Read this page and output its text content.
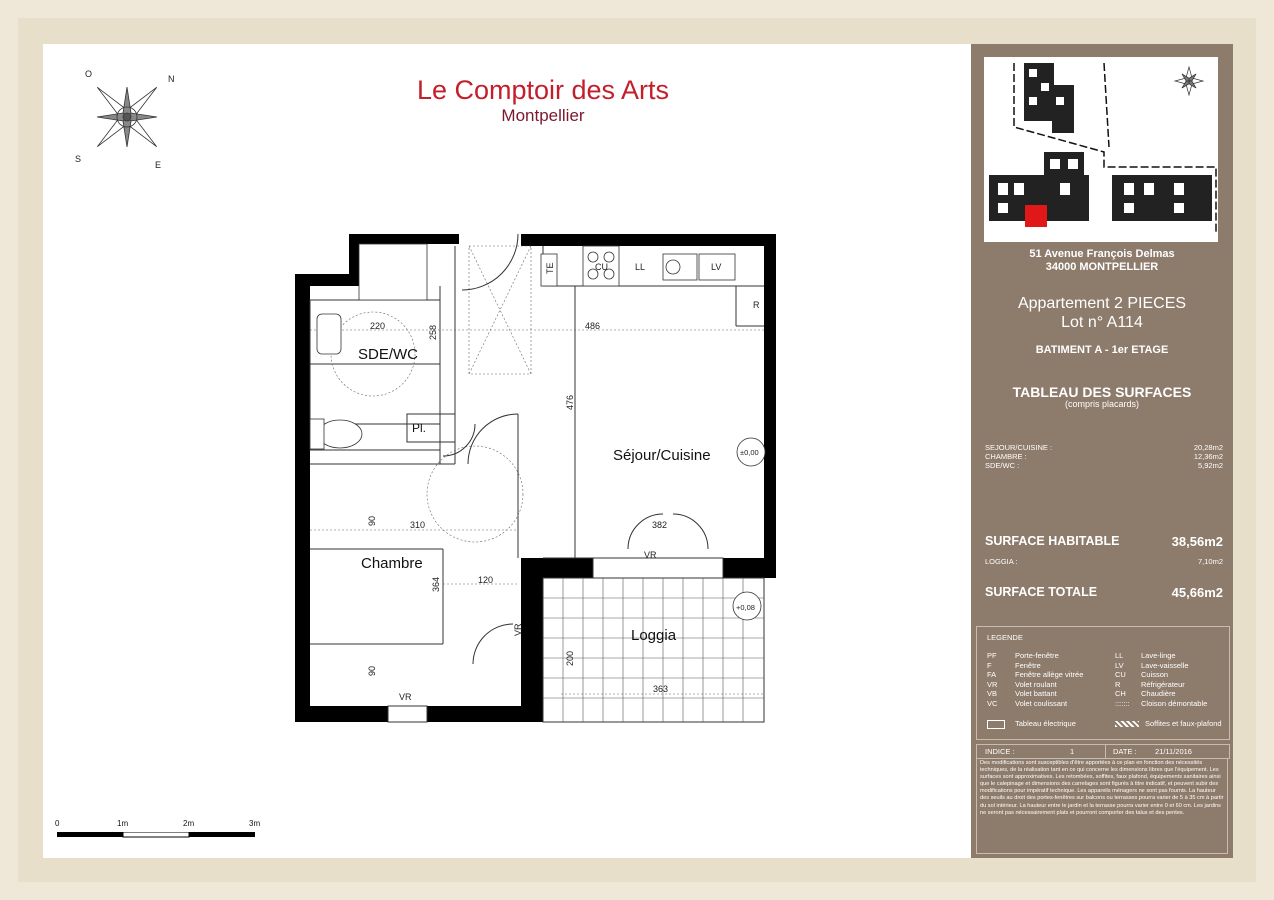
Le Comptoir des Arts
Montpellier
O	N
S
E
SDE/WC
Séjour/Cuisine
Chambre
Loggia
Pl.
220	258	486
476
310	382
364	120
363
200
90
90
TE	CU	LL	LV
R
VR
VR
VR
±0,00
+0,08
0	1m	2m	3m
51 Avenue François Delmas
34000 MONTPELLIER
Appartement 2 PIECES
Lot n° A114
BATIMENT A - 1er ETAGE
TABLEAU DES SURFACES
(compris placards)
SEJOUR/CUISINE :	20,28m2
CHAMBRE :	12,36m2
SDE/WC :	5,92m2
SURFACE HABITABLE	38,56m2
LOGGIA :	7,10m2
SURFACE TOTALE	45,66m2
LEGENDE
PF Porte-fenêtre
F	Fenêtre
FA	Fenêtre allège vitrée
VR Volet roulant
VB Volet battant
VC Volet coulissant
LL Lave-linge
LV Lave-vaisselle
CU Cuisson
R	Réfrigérateur
CH Chaudière
::::::: Cloison démontable
Tableau électrique	Soffites et faux-plafond
INDICE :	1	DATE : 21/11/2016
Des modifications sont susceptibles d'être apportées à ce plan en fonction des nécessités techniques, de la réalisation tant en ce qui concerne les dimensions libres que l'équipement. Les surfaces sont approximatives. Les retombées, soffites, faux plafond, équipements sanitaires ainsi que le calepinage et dimensions des carrelages sont figurés à titre indicatif, et peuvent subir des modifications pour impératif technique. Les appareils ménagers ne sont pas fournis. La hauteur des seuils au droit des portes-fenêtres sur balcons ou terrasses pourra varier de 5 à 35 cm à partir du sol intérieur. La hauteur entre le jardin et la terrasse pourra varier entre 0 et 60 cm. Les jardins ne seront pas nécessairement plats et pourront comporter des talus et des pentes.
